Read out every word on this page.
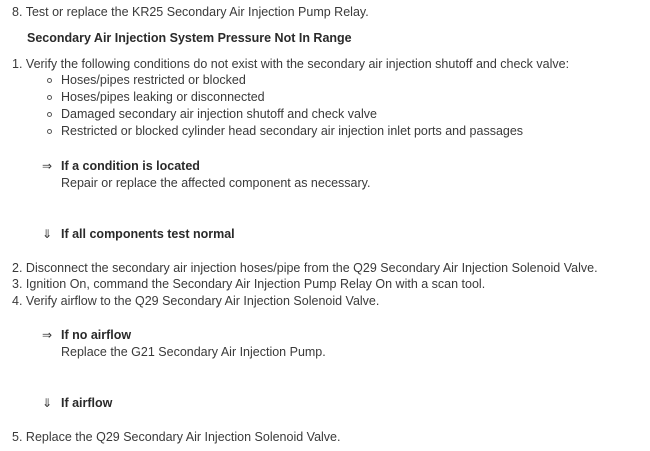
8. Test or replace the KR25 Secondary Air Injection Pump Relay.
Secondary Air Injection System Pressure Not In Range
1. Verify the following conditions do not exist with the secondary air injection shutoff and check valve:
Hoses/pipes restricted or blocked
Hoses/pipes leaking or disconnected
Damaged secondary air injection shutoff and check valve
Restricted or blocked cylinder head secondary air injection inlet ports and passages
⇒ If a condition is located
Repair or replace the affected component as necessary.
⇓ If all components test normal
2. Disconnect the secondary air injection hoses/pipe from the Q29 Secondary Air Injection Solenoid Valve.
3. Ignition On, command the Secondary Air Injection Pump Relay On with a scan tool.
4. Verify airflow to the Q29 Secondary Air Injection Solenoid Valve.
⇒ If no airflow
Replace the G21 Secondary Air Injection Pump.
⇓ If airflow
5. Replace the Q29 Secondary Air Injection Solenoid Valve.
